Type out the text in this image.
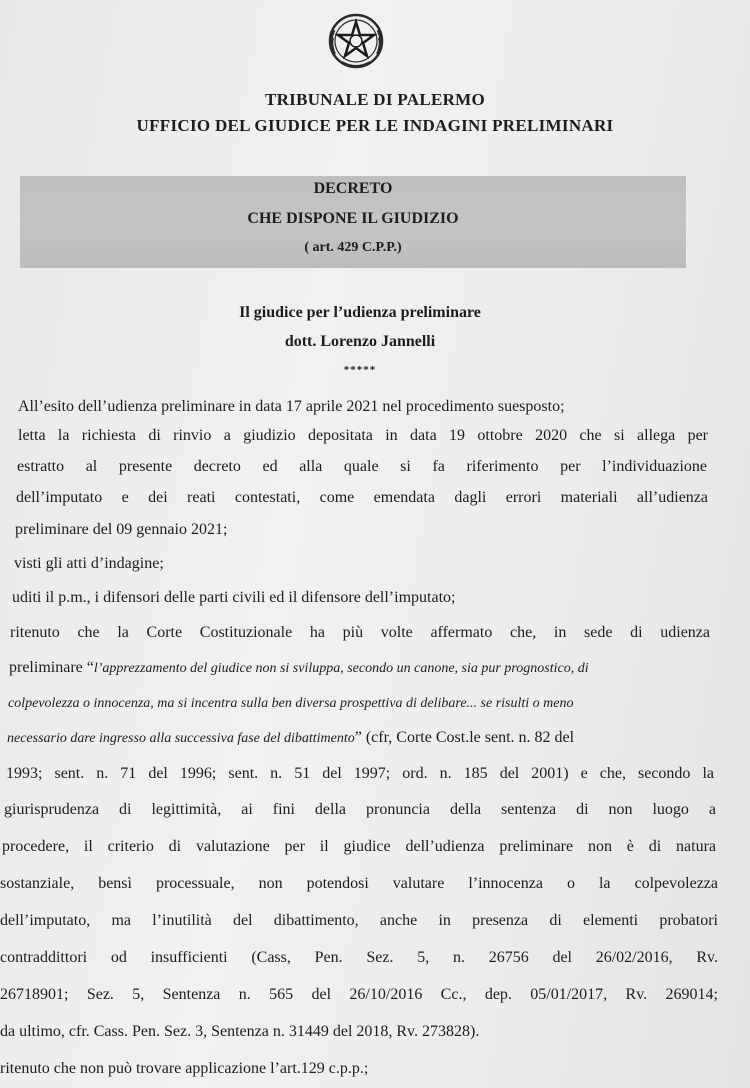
TRIBUNALE DI PALERMO
UFFICIO DEL GIUDICE PER LE INDAGINI PRELIMINARI
DECRETO
CHE DISPONE IL GIUDIZIO
( art. 429 C.P.P.)
Il giudice per l’udienza preliminare
dott. Lorenzo Jannelli
*****
All’esito dell’udienza preliminare in data 17 aprile 2021 nel procedimento suesposto;
letta la richiesta di rinvio a giudizio depositata in data 19 ottobre 2020 che si allega per
estratto al presente decreto ed alla quale si fa riferimento per l’individuazione
dell’imputato e dei reati contestati, come emendata dagli errori materiali all’udienza
preliminare del 09 gennaio 2021;
visti gli atti d’indagine;
uditi il p.m., i difensori delle parti civili ed il difensore dell’imputato;
ritenuto che la Corte Costituzionale ha più volte affermato che, in sede di udienza
preliminare “l’apprezzamento del giudice non si sviluppa, secondo un canone, sia pur prognostico, di
colpevolezza o innocenza, ma si incentra sulla ben diversa prospettiva di delibare... se risulti o meno
necessario dare ingresso alla successiva fase del dibattimento” (cfr, Corte Cost.le sent. n. 82 del
1993; sent. n. 71 del 1996; sent. n. 51 del 1997; ord. n. 185 del 2001) e che, secondo la
giurisprudenza di legittimità, ai fini della pronuncia della sentenza di non luogo a
procedere, il criterio di valutazione per il giudice dell’udienza preliminare non è di natura
sostanziale, bensì processuale, non potendosi valutare l’innocenza o la colpevolezza
dell’imputato, ma l’inutilità del dibattimento, anche in presenza di elementi probatori
contraddittori od insufficienti (Cass, Pen. Sez. 5, n. 26756 del 26/02/2016, Rv.
26718901; Sez. 5, Sentenza n. 565 del 26/10/2016 Cc., dep. 05/01/2017, Rv. 269014;
da ultimo, cfr. Cass. Pen. Sez. 3, Sentenza n. 31449 del 2018, Rv. 273828).
ritenuto che non può trovare applicazione l’art.129 c.p.p.;
